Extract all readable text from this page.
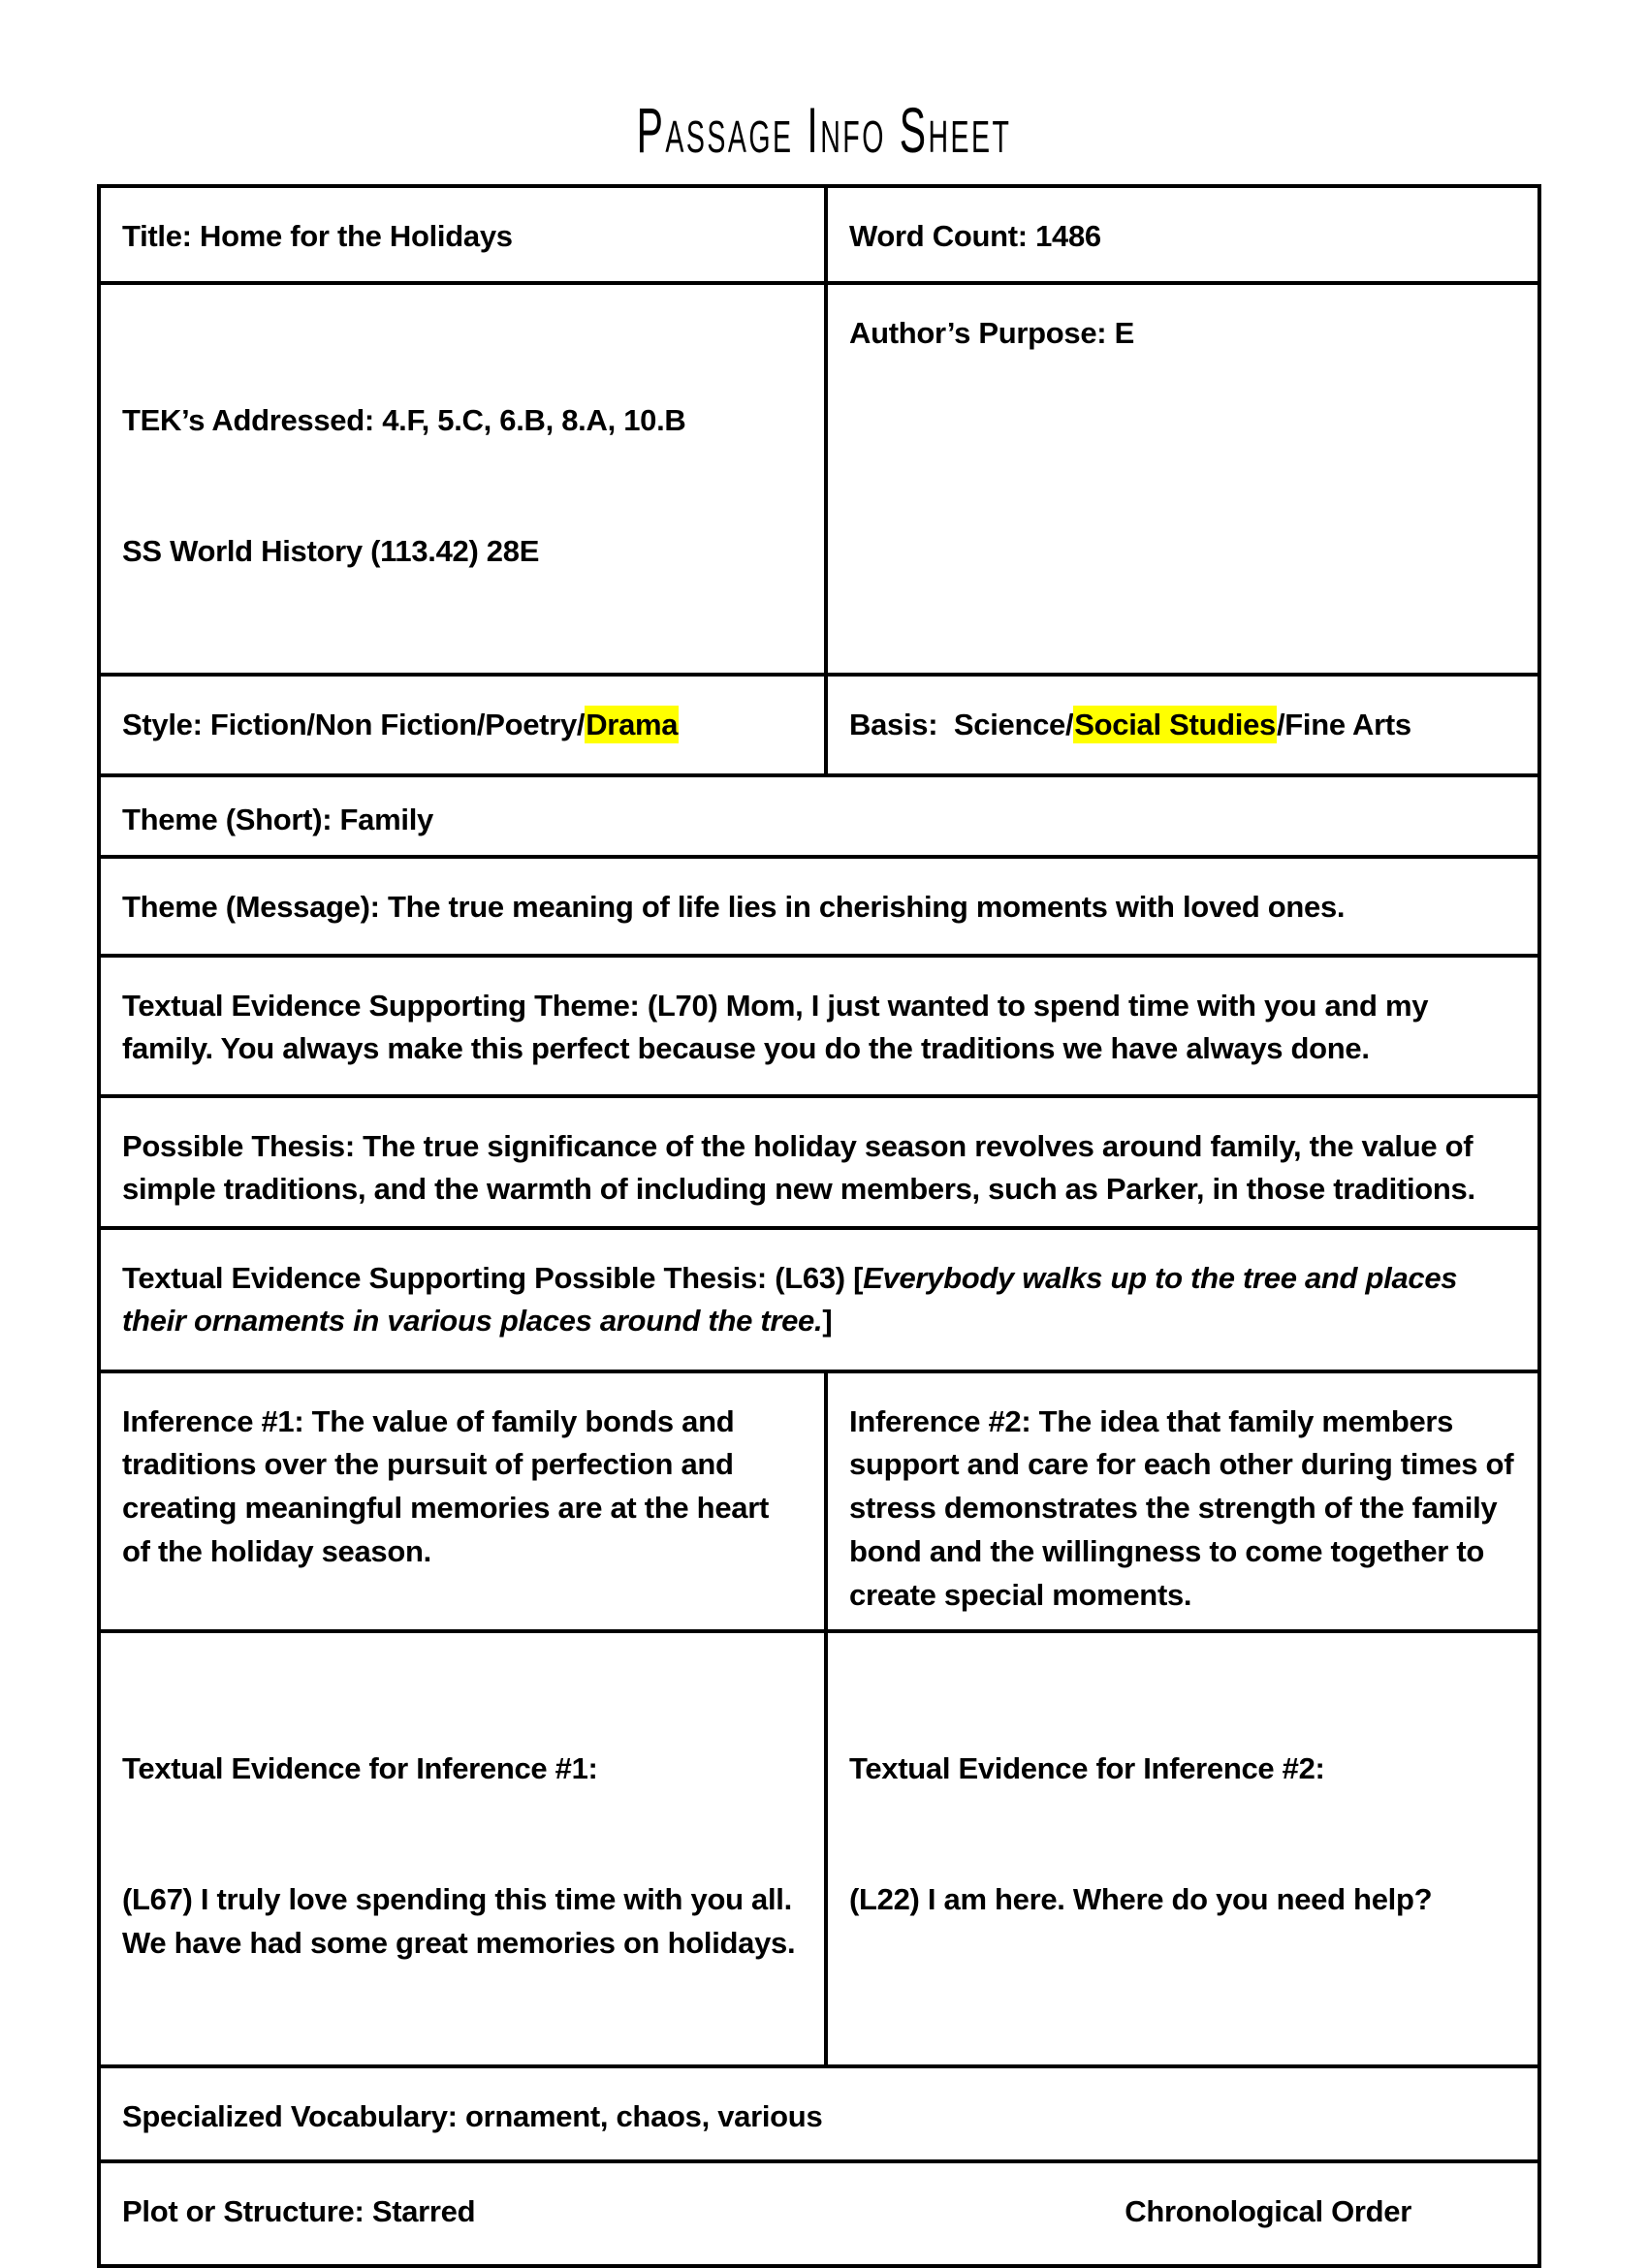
Passage Info Sheet
Title: Home for the Holidays	Word Count: 1486

TEK’s Addressed: 4.F, 5.C, 6.B, 8.A, 10.B

SS World History (113.42) 28E

Author’s Purpose: E
Style: Fiction/Non Fiction/Poetry/Drama	Basis:  Science/Social Studies/Fine Arts
Theme (Short): Family
Theme (Message): The true meaning of life lies in cherishing moments with loved ones.
Textual Evidence Supporting Theme: (L70) Mom, I just wanted to spend time with you and my family. You always make this perfect because you do the traditions we have always done.
Possible Thesis: The true significance of the holiday season revolves around family, the value of simple traditions, and the warmth of including new members, such as Parker, in those traditions.
Textual Evidence Supporting Possible Thesis: (L63) [Everybody walks up to the tree and places their ornaments in various places around the tree.]
Inference #1: The value of family bonds and traditions over the pursuit of perfection and creating meaningful memories are at the heart of the holiday season.
Inference #2: The idea that family members support and care for each other during times of stress demonstrates the strength of the family bond and the willingness to come together to create special moments.

Textual Evidence for Inference #1:

(L67) I truly love spending this time with you all.  We have had some great memories on holidays.

Textual Evidence for Inference #2:

(L22) I am here. Where do you need help?

Specialized Vocabulary: ornament, chaos, various
Plot or Structure: Starred	Chronological Order
